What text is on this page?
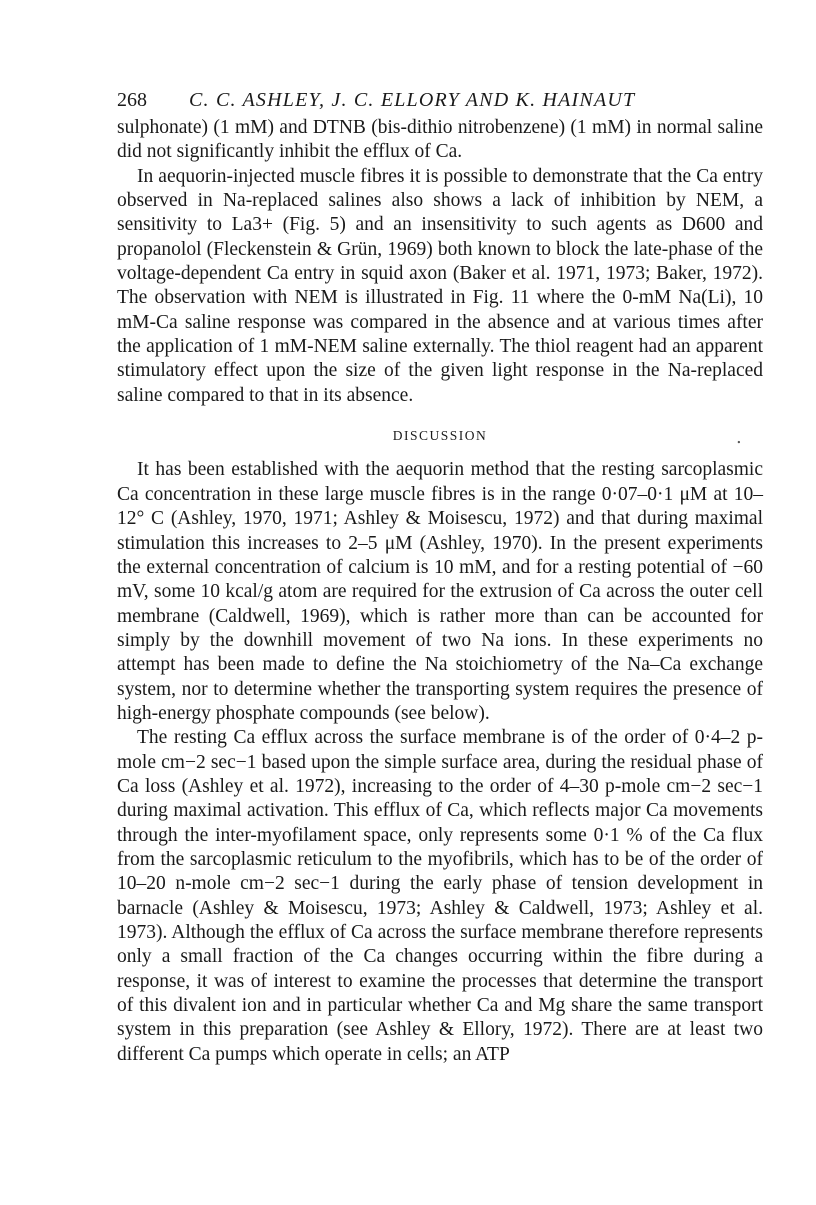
268	C. C. ASHLEY, J. C. ELLORY AND K. HAINAUT

sulphonate) (1 mM) and DTNB (bis-dithio nitrobenzene) (1 mM) in normal saline did not significantly inhibit the efflux of Ca.

In aequorin-injected muscle fibres it is possible to demonstrate that the Ca entry observed in Na-replaced salines also shows a lack of inhibition by NEM, a sensitivity to La3+ (Fig. 5) and an insensitivity to such agents as D600 and propanolol (Fleckenstein & Grün, 1969) both known to block the late-phase of the voltage-dependent Ca entry in squid axon (Baker et al. 1971, 1973; Baker, 1972). The observation with NEM is illustrated in Fig. 11 where the 0-mM Na(Li), 10 mM-Ca saline response was compared in the absence and at various times after the application of 1 mM-NEM saline externally. The thiol reagent had an apparent stimulatory effect upon the size of the given light response in the Na-replaced saline compared to that in its absence.

DISCUSSION

It has been established with the aequorin method that the resting sarcoplasmic Ca concentration in these large muscle fibres is in the range 0·07–0·1 μM at 10–12° C (Ashley, 1970, 1971; Ashley & Moisescu, 1972) and that during maximal stimulation this increases to 2–5 μM (Ashley, 1970). In the present experiments the external concentration of calcium is 10 mM, and for a resting potential of −60 mV, some 10 kcal/g atom are required for the extrusion of Ca across the outer cell membrane (Caldwell, 1969), which is rather more than can be accounted for simply by the downhill movement of two Na ions. In these experiments no attempt has been made to define the Na stoichiometry of the Na–Ca exchange system, nor to determine whether the transporting system requires the presence of high-energy phosphate compounds (see below).

The resting Ca efflux across the surface membrane is of the order of 0·4–2 p-mole cm−2 sec−1 based upon the simple surface area, during the residual phase of Ca loss (Ashley et al. 1972), increasing to the order of 4–30 p-mole cm−2 sec−1 during maximal activation. This efflux of Ca, which reflects major Ca movements through the inter-myofilament space, only represents some 0·1 % of the Ca flux from the sarcoplasmic reticulum to the myofibrils, which has to be of the order of 10–20 n-mole cm−2 sec−1 during the early phase of tension development in barnacle (Ashley & Moisescu, 1973; Ashley & Caldwell, 1973; Ashley et al. 1973). Although the efflux of Ca across the surface membrane therefore represents only a small fraction of the Ca changes occurring within the fibre during a response, it was of interest to examine the processes that determine the transport of this divalent ion and in particular whether Ca and Mg share the same transport system in this preparation (see Ashley & Ellory, 1972). There are at least two different Ca pumps which operate in cells; an ATP

.
